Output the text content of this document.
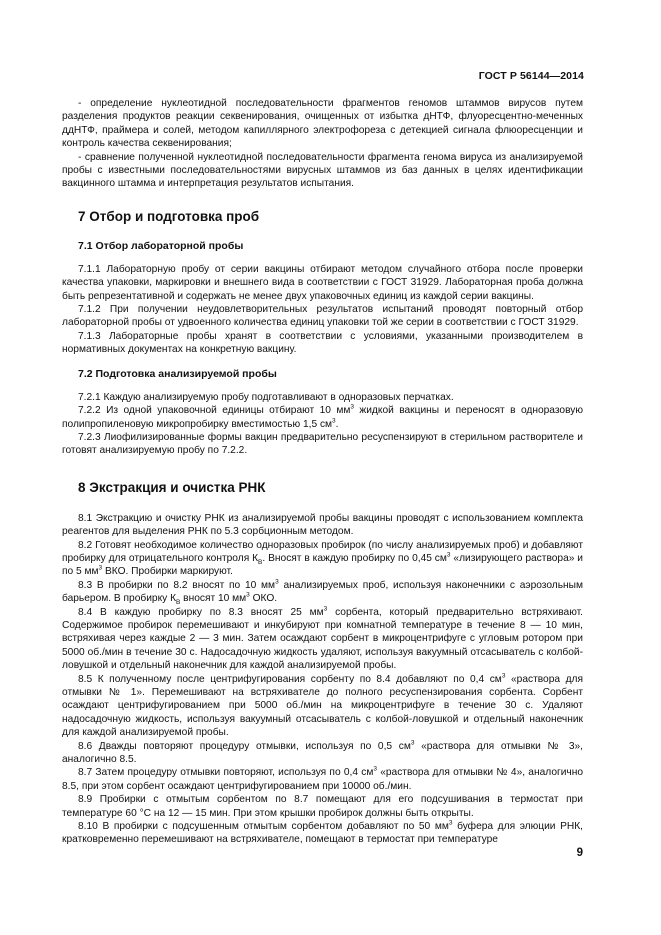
ГОСТ Р 56144—2014

- определение нуклеотидной последовательности фрагментов геномов штаммов вирусов путем разделения продуктов реакции секвенирования, очищенных от избытка дНТФ, флуоресцентно-меченных ддНТФ, праймера и солей, методом капиллярного электрофореза с детекцией сигнала флюоресценции и контроль качества секвенирования;

- сравнение полученной нуклеотидной последовательности фрагмента генома вируса из анализируемой пробы с известными последовательностями вирусных штаммов из баз данных в целях идентификации вакцинного штамма и интерпретация результатов испытания.

7 Отбор и подготовка проб
7.1 Отбор лабораторной пробы

7.1.1 Лабораторную пробу от серии вакцины отбирают методом случайного отбора после проверки качества упаковки, маркировки и внешнего вида в соответствии с ГОСТ 31929. Лабораторная проба должна быть репрезентативной и содержать не менее двух упаковочных единиц из каждой серии вакцины.

7.1.2 При получении неудовлетворительных результатов испытаний проводят повторный отбор лабораторной пробы от удвоенного количества единиц упаковки той же серии в соответствии с ГОСТ 31929.

7.1.3 Лабораторные пробы хранят в соответствии с условиями, указанными производителем в нормативных документах на конкретную вакцину.

7.2 Подготовка анализируемой пробы

7.2.1 Каждую анализируемую пробу подготавливают в одноразовых перчатках.

7.2.2 Из одной упаковочной единицы отбирают 10 $мм^3$ жидкой вакцины и переносят в одноразовую полипропиленовую микропробирку вместимостью 1,5 $см^3$.

7.2.3 Лиофилизированные формы вакцин предварительно ресуспензируют в стерильном растворителе и готовят анализируемую пробу по 7.2.2.

8 Экстракция и очистка РНК

8.1 Экстракцию и очистку РНК из анализируемой пробы вакцины проводят с использованием комплекта реагентов для выделения РНК по 5.3 сорбционным методом.

8.2 Готовят необходимое количество одноразовых пробирок (по числу анализируемых проб) и добавляют пробирку для отрицательного контроля $К_В$. Вносят в каждую пробирку по 0,45 $см^3$ «лизирующего раствора» и по 5 $мм^3$ ВКО. Пробирки маркируют.

8.3 В пробирки по 8.2 вносят по 10 $мм^3$ анализируемых проб, используя наконечники с аэрозольным барьером. В пробирку $К_В$ вносят 10 $мм^3$ ОКО.

8.4 В каждую пробирку по 8.3 вносят 25 $мм^3$ сорбента, который предварительно встряхивают. Содержимое пробирок перемешивают и инкубируют при комнатной температуре в течение 8 — 10 мин, встряхивая через каждые 2 — 3 мин. Затем осаждают сорбент в микроцентрифуге с угловым ротором при 5000 об./мин в течение 30 с. Надосадочную жидкость удаляют, используя вакуумный отсасыватель с колбой-ловушкой и отдельный наконечник для каждой анализируемой пробы.

8.5 К полученному после центрифугирования сорбенту по 8.4 добавляют по 0,4 $см^3$ «раствора для отмывки № 1». Перемешивают на встряхивателе до полного ресуспензирования сорбента. Сорбент осаждают центрифугированием при 5000 об./мин на микроцентрифуге в течение 30 с. Удаляют надосадочную жидкость, используя вакуумный отсасыватель с колбой-ловушкой и отдельный наконечник для каждой анализируемой пробы.

8.6 Дважды повторяют процедуру отмывки, используя по 0,5 $см^3$ «раствора для отмывки № 3», аналогично 8.5.

8.7 Затем процедуру отмывки повторяют, используя по 0,4 $см^3$ «раствора для отмывки № 4», аналогично 8.5, при этом сорбент осаждают центрифугированием при 10000 об./мин.

8.9 Пробирки с отмытым сорбентом по 8.7 помещают для его подсушивания в термостат при температуре 60 °С на 12 — 15 мин. При этом крышки пробирок должны быть открыты.

8.10 В пробирки с подсушенным отмытым сорбентом добавляют по 50 $мм^3$ буфера для элюции РНК, кратковременно перемешивают на встряхивателе, помещают в термостат при температуре

9
